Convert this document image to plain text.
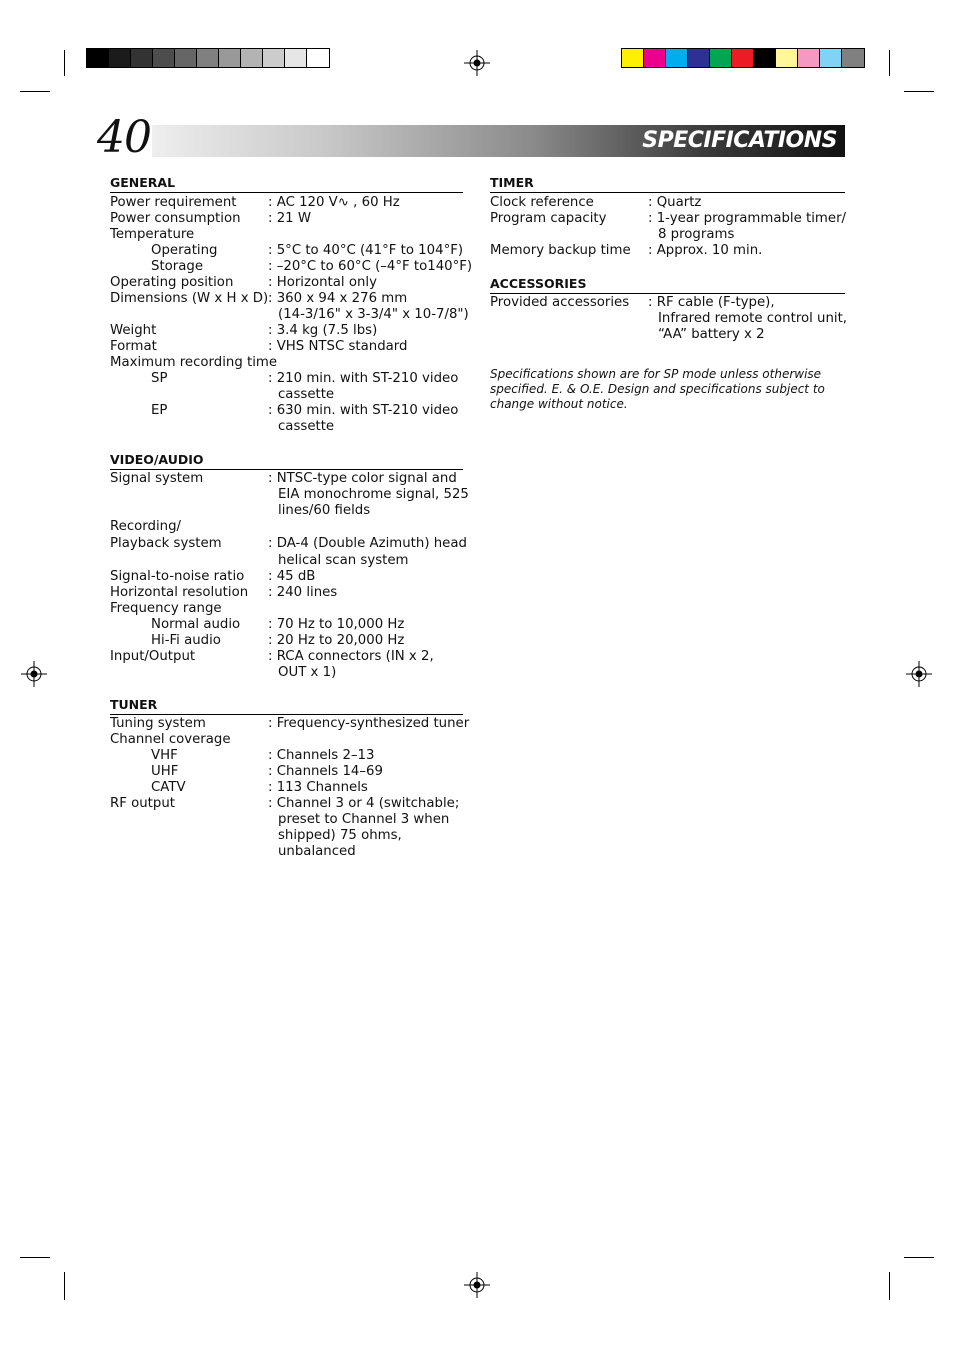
40	SPECIFICATIONS
GENERAL
Power requirement : AC 120 V∿ , 60 Hz
Power consumption : 21 W
Temperature
Operating	: 5°C to 40°C (41°F to 104°F)
Storage	: –20°C to 60°C (–4°F to140°F)
Operating position	: Horizontal only
Dimensions (W x H x D) : 360 x 94 x 276 mm
(14-3/16" x 3-3/4" x 10-7/8")
Weight	: 3.4 kg (7.5 lbs)
Format	: VHS NTSC standard
Maximum recording time
SP	: 210 min. with ST-210 video
cassette
EP	: 630 min. with ST-210 video
cassette
VIDEO/AUDIO
Signal system	: NTSC-type color signal and
EIA monochrome signal, 525
lines/60 fields
Recording/
Playback system	: DA-4 (Double Azimuth) head
helical scan system
Signal-to-noise ratio : 45 dB
Horizontal resolution : 240 lines
Frequency range
Normal audio : 70 Hz to 10,000 Hz
Hi-Fi audio	: 20 Hz to 20,000 Hz
Input/Output	: RCA connectors (IN x 2,
OUT x 1)
TUNER
Tuning system	: Frequency-synthesized tuner
Channel coverage
VHF	: Channels 2–13
UHF	: Channels 14–69
CATV	: 113 Channels
RF output	: Channel 3 or 4 (switchable;
preset to Channel 3 when
shipped) 75 ohms,
unbalanced
TIMER
Clock reference	: Quartz
Program capacity	: 1-year programmable timer/
8 programs
Memory backup time : Approx. 10 min.
ACCESSORIES
Provided accessories : RF cable (F-type),
Infrared remote control unit,
“AA” battery x 2
Specifications shown are for SP mode unless otherwise specified. E. & O.E. Design and specifications subject to change without notice.
